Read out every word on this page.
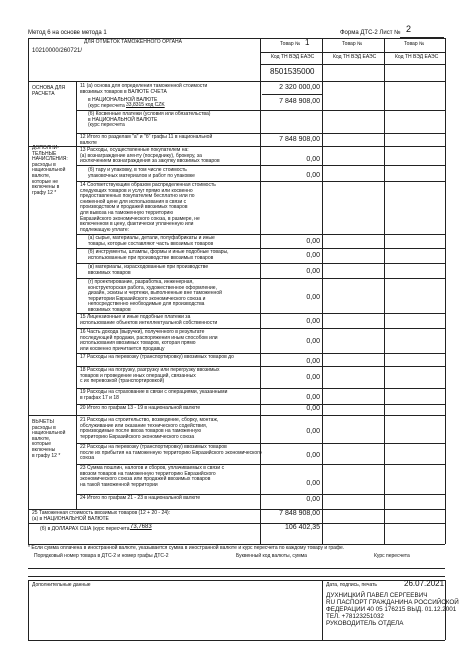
Метод 6 на основе метода 1	Форма ДТС-2 Лист № 2
ДЛЯ ОТМЕТОК ТАМОЖЕННОГО ОРГАНА
10210000/260721/
Товар № 1	Товар №	Товар №
Код ТН ВЭД ЕАЭС	Код ТН ВЭД ЕАЭС	Код ТН ВЭД ЕАЭС
8501535000
ОСНОВА ДЛЯ
РАСЧЕТА
ДОПОЛНИ-
ТЕЛЬНЫЕ
НАЧИСЛЕНИЯ:
расходы в
национальной
валюте,
которые не
включены в
графу 12 *
ВЫЧЕТЫ
расходы в
национальной
валюте,
которые
включены
в графу 12 *
11 (а) основа для определения таможенной стоимости
ввозимых товаров в ВАЛЮТЕ СЧЕТА
2 320 000,00
в НАЦИОНАЛЬНОЙ ВАЛЮТЕ
(курс пересчета 33,8315 код CZK	7 848 908,00
(б) Косвенные платежи (условия или обязательства)
в НАЦИОНАЛЬНОЙ ВАЛЮТЕ
(курс пересчета
12 Итого по разделам "а" и "б" графы 11 в национальной
валюте	7 848 908,00
13 Расходы, осуществленные покупателем на:
(а) вознаграждение агенту (посреднику), брокеру, за
исключением вознаграждения за закупку ввозимых товаров	0,00
(б) тару и упаковку, в том числе стоимость
упаковочных материалов и работ по упаковке	0,00
14 Соответствующим образом распределенная стоимость
следующих товаров и услуг прямо или косвенно
предоставленных покупателем бесплатно или по
сниженной цене для использования в связи с
производством и продажей ввозимых товаров
для вывоза на таможенную территорию
Евразийского экономического союза, в размере, не
включенном в цену, фактически уплаченную или
подлежащую уплате:
(а) сырье, материалы, детали, полуфабрикаты и иные
товары, которые составляют часть ввозимых товаров	0,00
(б) инструменты, штампы, формы и иные подобные товары,
использованные при производстве ввозимых товаров	0,00
(в) материалы, израсходованные при производстве
ввозимых товаров	0,00
(г) проектирование, разработка, инженерная,
конструкторская работа, художественное оформление,
дизайн, эскизы и чертежи, выполненные вне таможенной
территории Евразийского экономического союза и
непосредственно необходимые для производства
ввозимых товаров
0,00
15 Лицензионные и иные подобные платежи за
использование объектов интеллектуальной собственности	0,00
16 Часть дохода (выручки), полученного в результате
последующей продажи, распоряжения иным способом или
использования ввозимых товаров, которая прямо
или косвенно причитается продавцу
0,00
17 Расходы на перевозку (транспортировку) ввозимых товаров до
0,00
18 Расходы на погрузку, разгрузку или перегрузку ввозимых
товаров и проведение иных операций, связанных
с их перевозкой (транспортировкой)
0,00
19 Расходы на страхование в связи с операциями, указанными
в графах 17 и 18	0,00
20 Итого по графам 13 - 19 в национальной валюте	0,00
21 Расходы на строительство, возведение, сборку, монтаж,
обслуживание или оказание технического содействия,
производимые после ввоза товаров на таможенную
территорию Евразийского экономического союза
0,00
22 Расходы на перевозку (транспортировку) ввозимых товаров
после их прибытия на таможенную территорию Евразийского экономического
союза	0,00
23 Сумма пошлин, налогов и сборов, уплачиваемых в связи с
ввозом товаров на таможенную территорию Евразийского
экономического союза или продажей ввозимых товаров
на такой таможенной территории	0,00
24 Итого по графам 21 - 23 в национальной валюте	0,00
25 Таможенная стоимость ввозимых товаров (12 + 20 - 24):
(а) в НАЦИОНАЛЬНОЙ ВАЛЮТЕ
7 848 908,00
(б) в ДОЛЛАРАХ США (курс пересчета 73,7683	106 402,35
* Если сумма оплачена в иностранной валюте, указывается сумма в иностранной валюте и курс пересчета по каждому товару и графе.
Порядковый номер товара в ДТС-2 и номер графы ДТС-2	Буквенный код валюты, сумма	Курс пересчета
Дополнительные данные	Дата, подпись, печать	26.07.2021
ДУХНИЦКИЙ ПАВЕЛ СЕРГЕЕВИЧ
RU ПАСПОРТ ГРАЖДАНИНА РОССИЙСКОЙ
ФЕДЕРАЦИИ 40 05 176215 ВЫД. 01.12.2001
ТЕЛ. +78123251032
РУКОВОДИТЕЛЬ ОТДЕЛА
